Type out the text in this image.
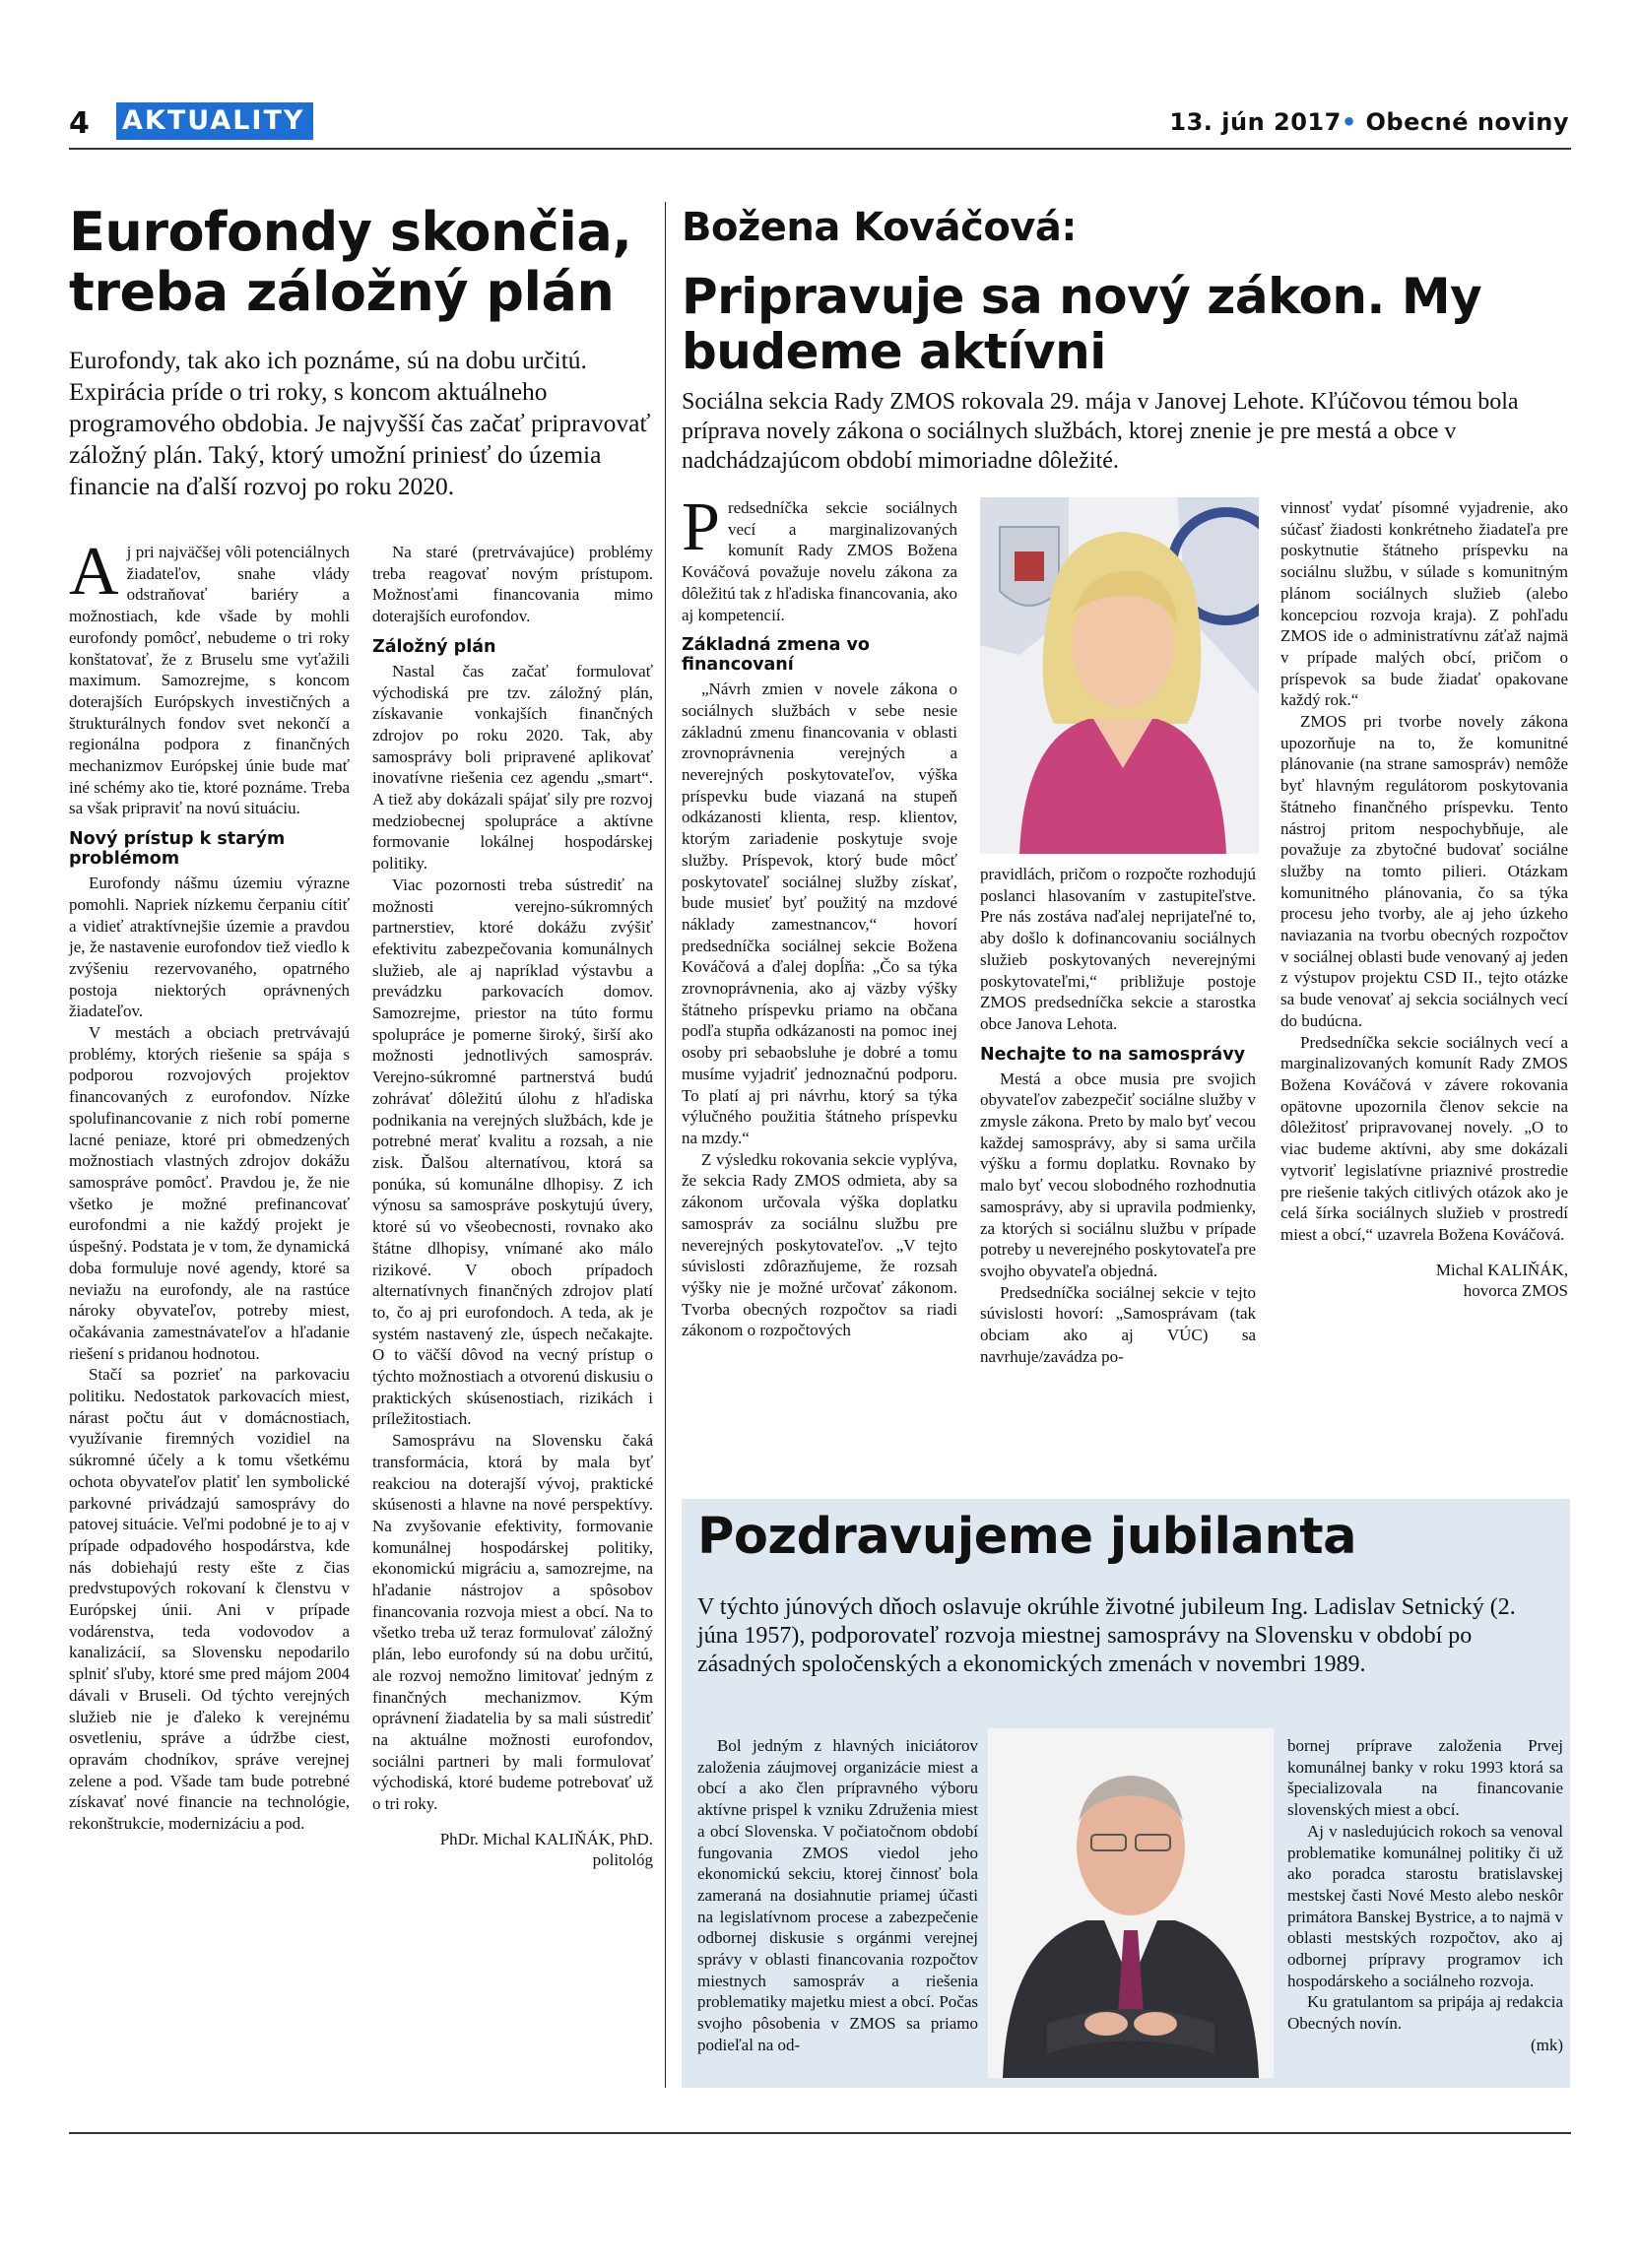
4 AKTUALITY	13. jún 2017• Obecné noviny
Eurofondy skončia, treba záložný plán

Eurofondy, tak ako ich poznáme, sú na dobu určitú. Expirácia príde o tri roky, s koncom aktuálneho programového obdobia. Je najvyšší čas začať pripravovať záložný plán. Taký, ktorý umožní priniesť do územia financie na ďalší rozvoj po roku 2020.

Aj pri najväčšej vôli potenciálnych žiadateľov, snahe vlády odstraňovať bariéry a možnostiach, kde všade by mohli eurofondy pomôcť, nebudeme o tri roky konštatovať, že z Bruselu sme vyťažili maximum. Samozrejme, s koncom doterajších Európskych investičných a štrukturálnych fondov svet nekončí a regionálna podpora z finančných mechanizmov Európskej únie bude mať iné schémy ako tie, ktoré poznáme. Treba sa však pripraviť na novú situáciu.

Nový prístup k starým problémom

Eurofondy nášmu územiu výrazne pomohli. Napriek nízkemu čerpaniu cítiť a vidieť atraktívnejšie územie a pravdou je, že nastavenie eurofondov tiež viedlo k zvýšeniu rezervovaného, opatrného postoja niektorých oprávnených žiadateľov.

V mestách a obciach pretrvávajú problémy, ktorých riešenie sa spája s podporou rozvojových projektov financovaných z eurofondov. Nízke spolufinancovanie z nich robí pomerne lacné peniaze, ktoré pri obmedzených možnostiach vlastných zdrojov dokážu samospráve pomôcť. Pravdou je, že nie všetko je možné prefinancovať eurofondmi a nie každý projekt je úspešný. Podstata je v tom, že dynamická doba formuluje nové agendy, ktoré sa neviažu na eurofondy, ale na rastúce nároky obyvateľov, potreby miest, očakávania zamestnávateľov a hľadanie riešení s pridanou hodnotou.

Stačí sa pozrieť na parkovaciu politiku. Nedostatok parkovacích miest, nárast počtu áut v domácnostiach, využívanie firemných vozidiel na súkromné účely a k tomu všetkému ochota obyvateľov platiť len symbolické parkovné privádzajú samosprávy do patovej situácie. Veľmi podobné je to aj v prípade odpadového hospodárstva, kde nás dobiehajú resty ešte z čias predvstupových rokovaní k členstvu v Európskej únii. Ani v prípade vodárenstva, teda vodovodov a kanalizácií, sa Slovensku nepodarilo splniť sľuby, ktoré sme pred májom 2004 dávali v Bruseli. Od týchto verejných služieb nie je ďaleko k verejnému osvetleniu, správe a údržbe ciest, opravám chodníkov, správe verejnej zelene a pod. Všade tam bude potrebné získavať nové financie na technológie, rekonštrukcie, modernizáciu a pod.

Na staré (pretrvávajúce) problémy treba reagovať novým prístupom. Možnosťami financovania mimo doterajších eurofondov.

Záložný plán

Nastal čas začať formulovať východiská pre tzv. záložný plán, získavanie vonkajších finančných zdrojov po roku 2020. Tak, aby samosprávy boli pripravené aplikovať inovatívne riešenia cez agendu „smart“. A tiež aby dokázali spájať sily pre rozvoj medziobecnej spolupráce a aktívne formovanie lokálnej hospodárskej politiky.

Viac pozornosti treba sústrediť na možnosti verejno-súkromných partnerstiev, ktoré dokážu zvýšiť efektivitu zabezpečovania komunálnych služieb, ale aj napríklad výstavbu a prevádzku parkovacích domov. Samozrejme, priestor na túto formu spolupráce je pomerne široký, širší ako možnosti jednotlivých samospráv. Verejno-súkromné partnerstvá budú zohrávať dôležitú úlohu z hľadiska podnikania na verejných službách, kde je potrebné merať kvalitu a rozsah, a nie zisk. Ďalšou alternatívou, ktorá sa ponúka, sú komunálne dlhopisy. Z ich výnosu sa samospráve poskytujú úvery, ktoré sú vo všeobecnosti, rovnako ako štátne dlhopisy, vnímané ako málo rizikové. V oboch prípadoch alternatívnych finančných zdrojov platí to, čo aj pri eurofondoch. A teda, ak je systém nastavený zle, úspech nečakajte. O to väčší dôvod na vecný prístup o týchto možnostiach a otvorenú diskusiu o praktických skúsenostiach, rizikách i príležitostiach.

Samosprávu na Slovensku čaká transformácia, ktorá by mala byť reakciou na doterajší vývoj, praktické skúsenosti a hlavne na nové perspektívy. Na zvyšovanie efektivity, formovanie komunálnej hospodárskej politiky, ekonomickú migráciu a, samozrejme, na hľadanie nástrojov a spôsobov financovania rozvoja miest a obcí. Na to všetko treba už teraz formulovať záložný plán, lebo eurofondy sú na dobu určitú, ale rozvoj nemožno limitovať jedným z finančných mechanizmov. Kým oprávnení žiadatelia by sa mali sústrediť na aktuálne možnosti eurofondov, sociálni partneri by mali formulovať východiská, ktoré budeme potrebovať už o tri roky.

PhDr. Michal KALIŇÁK, PhD.

politológ

Božena Kováčová:
Pripravuje sa nový zákon. My budeme aktívni

Sociálna sekcia Rady ZMOS rokovala 29. mája v Janovej Lehote. Kľúčovou témou bola príprava novely zákona o sociálnych službách, ktorej znenie je pre mestá a obce v nadchádzajúcom období mimoriadne dôležité.

Predsedníčka sekcie sociálnych vecí a marginalizovaných komunít Rady ZMOS Božena Kováčová považuje novelu zákona za dôležitú tak z hľadiska financovania, ako aj kompetencií.

Základná zmena vo financovaní

„Návrh zmien v novele zákona o sociálnych službách v sebe nesie základnú zmenu financovania v oblasti zrovnoprávnenia verejných a neverejných poskytovateľov, výška príspevku bude viazaná na stupeň odkázanosti klienta, resp. klientov, ktorým zariadenie poskytuje svoje služby. Príspevok, ktorý bude môcť poskytovateľ sociálnej služby získať, bude musieť byť použitý na mzdové náklady zamestnancov,“ hovorí predsedníčka sociálnej sekcie Božena Kováčová a ďalej dopĺňa: „Čo sa týka zrovnoprávnenia, ako aj väzby výšky štátneho príspevku priamo na občana podľa stupňa odkázanosti na pomoc inej osoby pri sebaobsluhe je dobré a tomu musíme vyjadriť jednoznačnú podporu. To platí aj pri návrhu, ktorý sa týka výlučného použitia štátneho príspevku na mzdy.“

Z výsledku rokovania sekcie vyplýva, že sekcia Rady ZMOS odmieta, aby sa zákonom určovala výška doplatku samospráv za sociálnu službu pre neverejných poskytovateľov. „V tejto súvislosti zdôrazňujeme, že rozsah výšky nie je možné určovať zákonom. Tvorba obecných rozpočtov sa riadi zákonom o rozpočtových

pravidlách, pričom o rozpočte rozhodujú poslanci hlasovaním v zastupiteľstve. Pre nás zostáva naďalej neprijateľné to, aby došlo k dofinancovaniu sociálnych služieb poskytovaných neverejnými poskytovateľmi,“ približuje postoje ZMOS predsedníčka sekcie a starostka obce Janova Lehota.

Nechajte to na samosprávy

Mestá a obce musia pre svojich obyvateľov zabezpečiť sociálne služby v zmysle zákona. Preto by malo byť vecou každej samosprávy, aby si sama určila výšku a formu doplatku. Rovnako by malo byť vecou slobodného rozhodnutia samosprávy, aby si upravila podmienky, za ktorých si sociálnu službu v prípade potreby u neverejného poskytovateľa pre svojho obyvateľa objedná.

Predsedníčka sociálnej sekcie v tejto súvislosti hovorí: „Samosprávam (tak obciam ako aj VÚC) sa navrhuje/zavádza po-

vinnosť vydať písomné vyjadrenie, ako súčasť žiadosti konkrétneho žiadateľa pre poskytnutie štátneho príspevku na sociálnu službu, v súlade s komunitným plánom sociálnych služieb (alebo koncepciou rozvoja kraja). Z pohľadu ZMOS ide o administratívnu záťaž najmä v prípade malých obcí, pričom o príspevok sa bude žiadať opakovane každý rok.“

ZMOS pri tvorbe novely zákona upozorňuje na to, že komunitné plánovanie (na strane samospráv) nemôže byť hlavným regulátorom poskytovania štátneho finančného príspevku. Tento nástroj pritom nespochybňuje, ale považuje za zbytočné budovať sociálne služby na tomto pilieri. Otázkam komunitného plánovania, čo sa týka procesu jeho tvorby, ale aj jeho úzkeho naviazania na tvorbu obecných rozpočtov v sociálnej oblasti bude venovaný aj jeden z výstupov projektu CSD II., tejto otázke sa bude venovať aj sekcia sociálnych vecí do budúcna.

Predsedníčka sekcie sociálnych vecí a marginalizovaných komunít Rady ZMOS Božena Kováčová v závere rokovania opätovne upozornila členov sekcie na dôležitosť pripravovanej novely. „O to viac budeme aktívni, aby sme dokázali vytvoriť legislatívne priaznivé prostredie pre riešenie takých citlivých otázok ako je celá šírka sociálnych služieb v prostredí miest a obcí,“ uzavrela Božena Kováčová.

Michal KALIŇÁK,

hovorca ZMOS

Pozdravujeme jubilanta

V týchto júnových dňoch oslavuje okrúhle životné jubileum Ing. Ladislav Setnický (2. júna 1957), podporovateľ rozvoja miestnej samosprávy na Slovensku v období po zásadných spoločenských a ekonomických zmenách v novembri 1989.

Bol jedným z hlavných iniciátorov založenia záujmovej organizácie miest a obcí a ako člen prípravného výboru aktívne prispel k vzniku Združenia miest a obcí Slovenska. V počiatočnom období fungovania ZMOS viedol jeho ekonomickú sekciu, ktorej činnosť bola zameraná na dosiahnutie priamej účasti na legislatívnom procese a zabezpečenie odbornej diskusie s orgánmi verejnej správy v oblasti financovania rozpočtov miestnych samospráv a riešenia problematiky majetku miest a obcí. Počas svojho pôsobenia v ZMOS sa priamo podieľal na od-

bornej príprave založenia Prvej komunálnej banky v roku 1993 ktorá sa špecializovala na financovanie slovenských miest a obcí.

Aj v nasledujúcich rokoch sa venoval problematike komunálnej politiky či už ako poradca starostu bratislavskej mestskej časti Nové Mesto alebo neskôr primátora Banskej Bystrice, a to najmä v oblasti mestských rozpočtov, ako aj odbornej prípravy programov ich hospodárskeho a sociálneho rozvoja.

Ku gratulantom sa pripája aj redakcia Obecných novín.

(mk)
